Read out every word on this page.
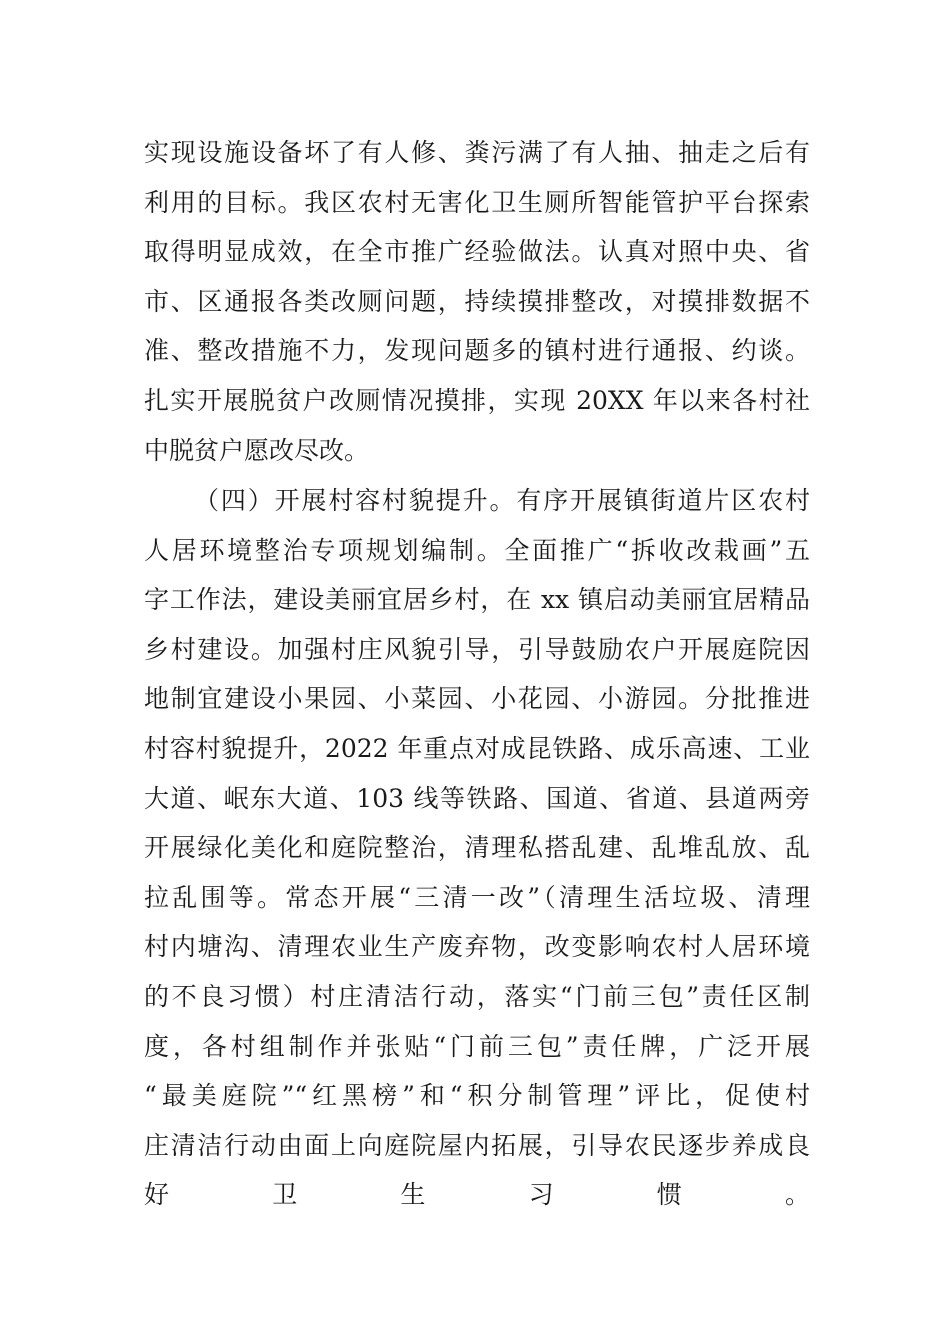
实现设施设备坏了有人修、粪污满了有人抽、抽走之后有
利用的目标。我区农村无害化卫生厕所智能管护平台探索
取得明显成效，在全市推广经验做法。认真对照中央、省
市、区通报各类改厕问题，持续摸排整改，对摸排数据不
准、整改措施不力，发现问题多的镇村进行通报、约谈。
扎实开展脱贫户改厕情况摸排，实现 20XX 年以来各村社
中脱贫户愿改尽改。
（四）开展村容村貌提升。有序开展镇街道片区农村
人居环境整治专项规划编制。全面推广“拆收改栽画”五
字工作法，建设美丽宜居乡村，在 xx 镇启动美丽宜居精品
乡村建设。加强村庄风貌引导，引导鼓励农户开展庭院因
地制宜建设小果园、小菜园、小花园、小游园。分批推进
村容村貌提升，2022 年重点对成昆铁路、成乐高速、工业
大道、岷东大道、103 线等铁路、国道、省道、县道两旁
开展绿化美化和庭院整治，清理私搭乱建、乱堆乱放、乱
拉乱围等。常态开展“三清一改”（清理生活垃圾、清理
村内塘沟、清理农业生产废弃物，改变影响农村人居环境
的不良习惯）村庄清洁行动，落实“门前三包”责任区制
度，各村组制作并张贴“门前三包”责任牌，广泛开展
“最美庭院”“红黑榜”和“积分制管理”评比，促使村
庄清洁行动由面上向庭院屋内拓展，引导农民逐步养成良
好卫生习惯。
